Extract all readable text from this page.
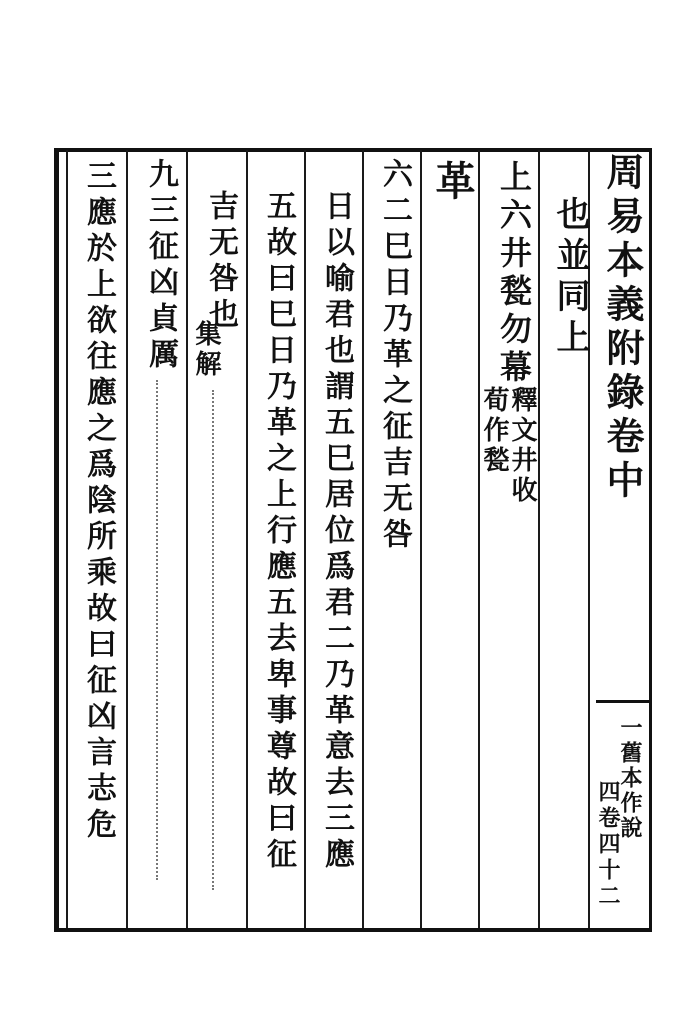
周易本義附錄卷中
一舊本作說
四卷四十二
也並同上
上六井甃勿幕
釋文井收
荀作甃
革
六二巳日乃革之征吉无咎
日以喻君也謂五巳居位爲君二乃革意去三應
五故曰巳日乃革之上行應五去卑事尊故曰征
吉无咎也
集解
九三征凶貞厲
三應於上欲往應之爲陰所乘故曰征凶言志危
